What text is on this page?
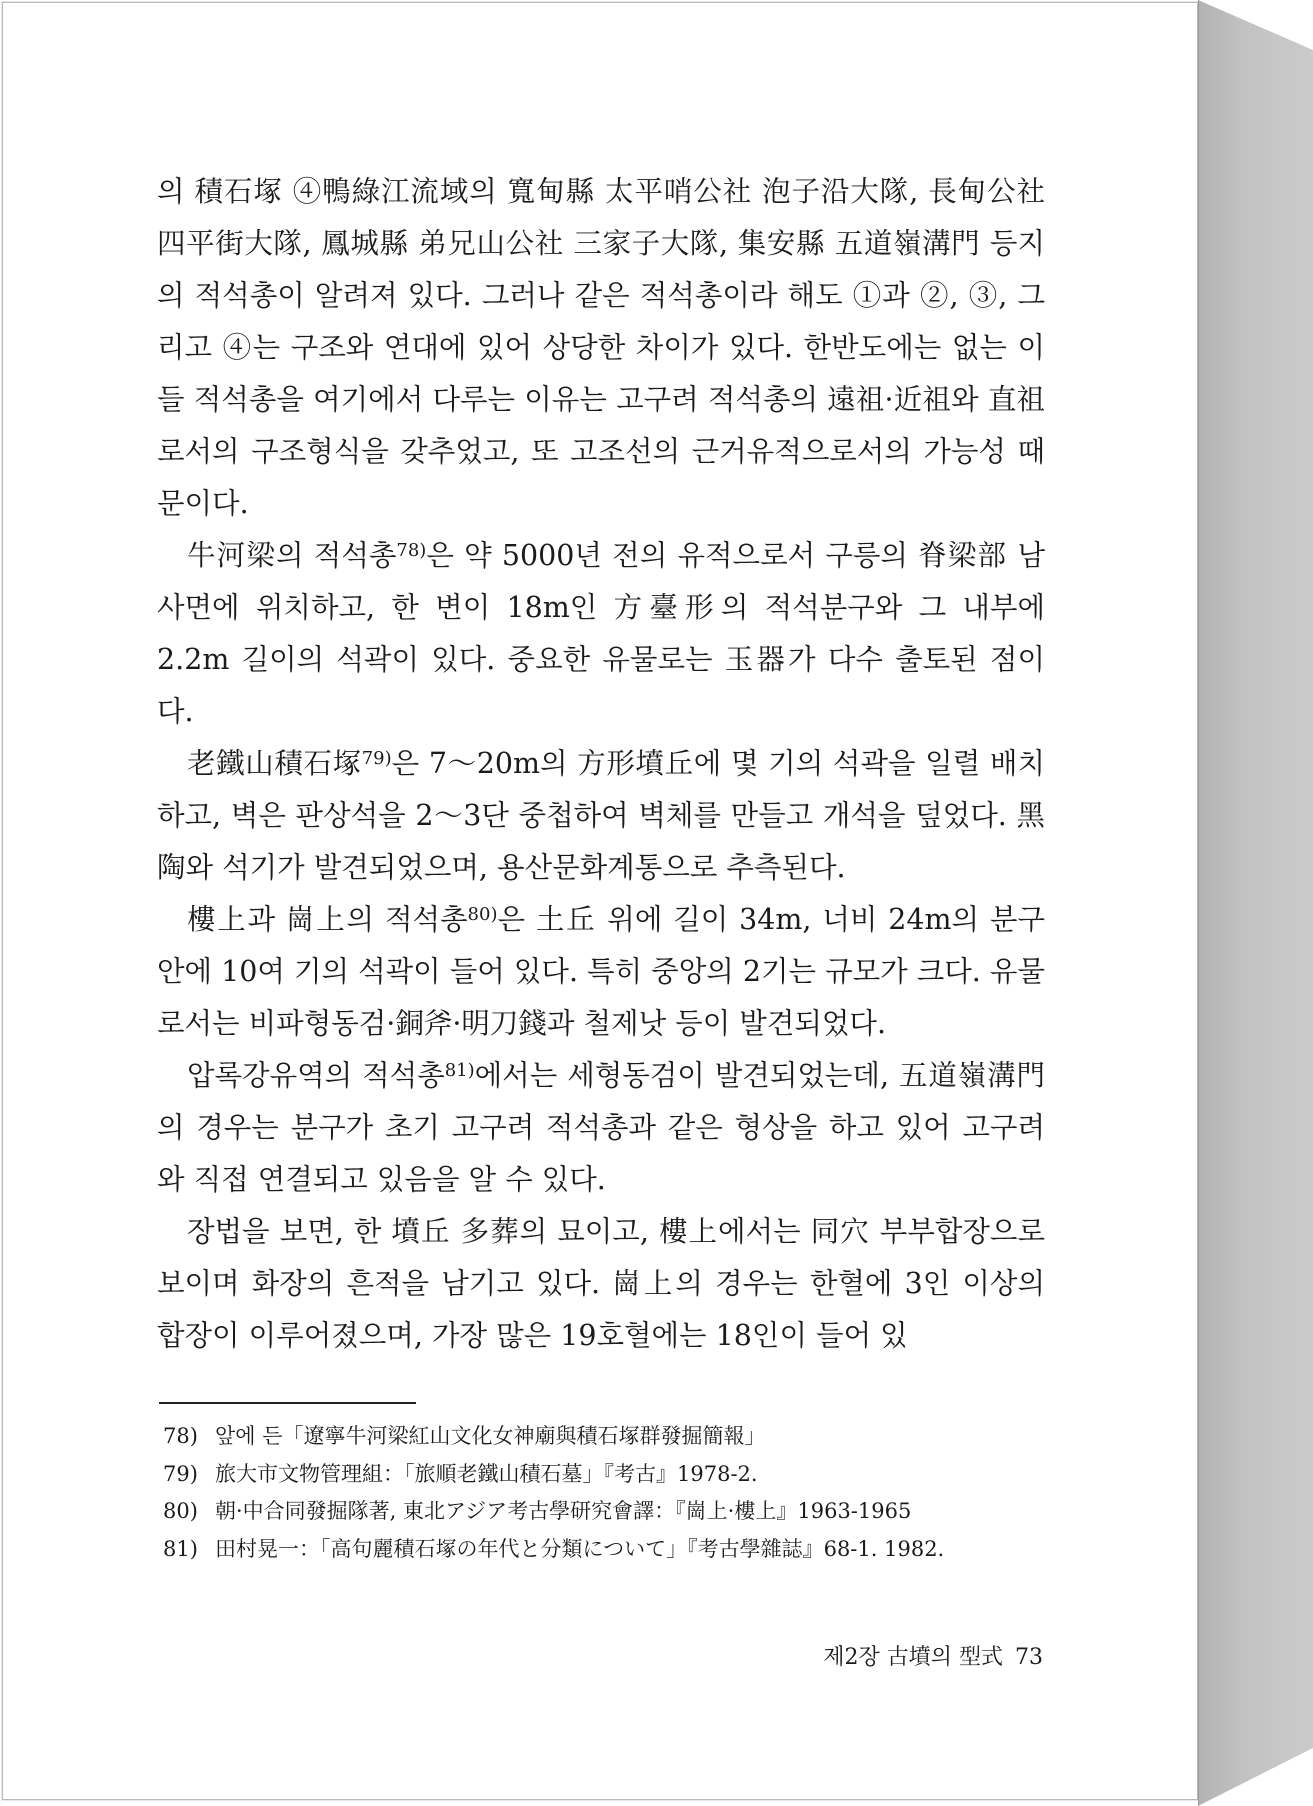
의 積石塚 ④鴨綠江流域의 寬甸縣 太平哨公社 泡子沿大隊, 長甸公社 四平街大隊, 鳳城縣 弟兄山公社 三家子大隊, 集安縣 五道嶺溝門 등지의 적석총이 알려져 있다. 그러나 같은 적석총이라 해도 ①과 ②, ③, 그리고 ④는 구조와 연대에 있어 상당한 차이가 있다. 한반도에는 없는 이들 적석총을 여기에서 다루는 이유는 고구려 적석총의 遠祖·近祖와 直祖로서의 구조형식을 갖추었고, 또 고조선의 근거유적으로서의 가능성 때문이다.

牛河梁의 적석총$^{78)}$은 약 5000년 전의 유적으로서 구릉의 脊梁部 남사면에 위치하고, 한 변이 18m인 方臺形의 적석분구와 그 내부에 2.2m 길이의 석곽이 있다. 중요한 유물로는 玉器가 다수 출토된 점이다.

老鐵山積石塚$^{79)}$은 7～20m의 方形墳丘에 몇 기의 석곽을 일렬 배치하고, 벽은 판상석을 2～3단 중첩하여 벽체를 만들고 개석을 덮었다. 黑陶와 석기가 발견되었으며, 용산문화계통으로 추측된다.

樓上과 崗上의 적석총$^{80)}$은 土丘 위에 길이 34m, 너비 24m의 분구 안에 10여 기의 석곽이 들어 있다. 특히 중앙의 2기는 규모가 크다. 유물로서는 비파형동검·銅斧·明刀錢과 철제낫 등이 발견되었다.

압록강유역의 적석총$^{81)}$에서는 세형동검이 발견되었는데, 五道嶺溝門의 경우는 분구가 초기 고구려 적석총과 같은 형상을 하고 있어 고구려와 직접 연결되고 있음을 알 수 있다.

장법을 보면, 한 墳丘 多葬의 묘이고, 樓上에서는 同穴 부부합장으로 보이며 화장의 흔적을 남기고 있다. 崗上의 경우는 한혈에 3인 이상의 합장이 이루어졌으며, 가장 많은 19호혈에는 18인이 들어 있

78) 앞에 든「遼寧牛河梁紅山文化女神廟與積石塚群發掘簡報」
79) 旅大市文物管理組：「旅順老鐵山積石墓」『考古』1978-2.
80) 朝·中合同發掘隊著, 東北アジア考古學研究會譯：『崗上·樓上』1963-1965
81) 田村晃一：「高句麗積石塚の年代と分類について」『考古學雜誌』68-1. 1982.
제2장 古墳의 型式 73
